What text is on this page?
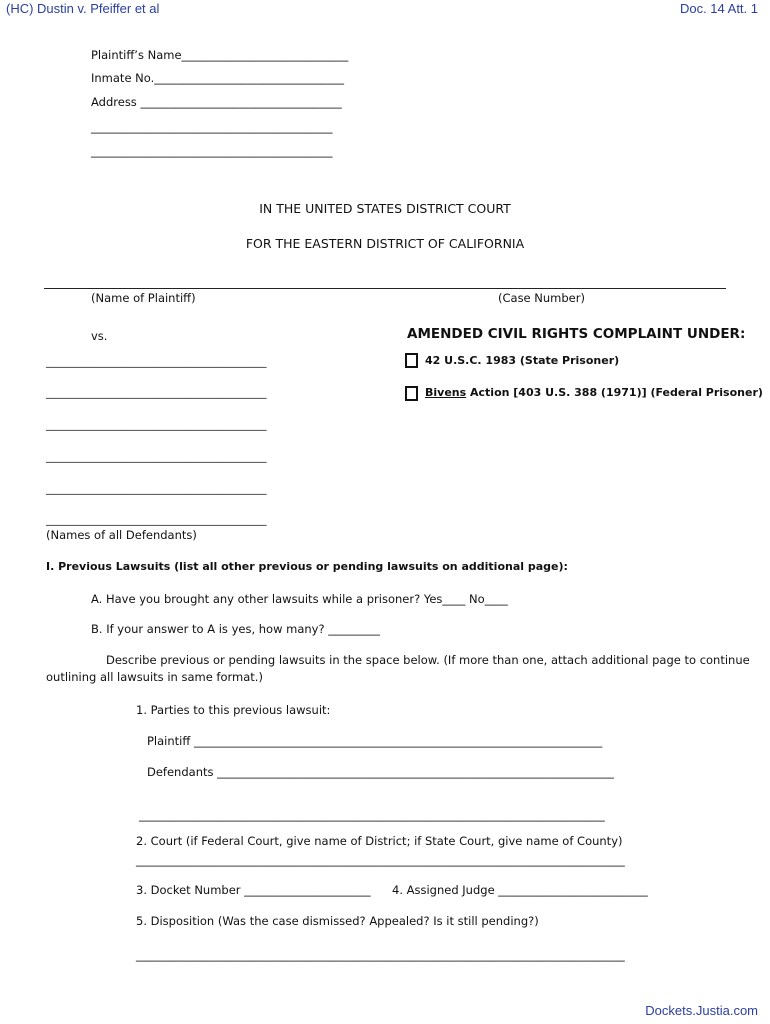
(HC) Dustin v. Pfeiffer et al	Doc. 14 Att. 1
Plaintiff’s Name_____________________________
Inmate No._________________________________
Address ___________________________________
__________________________________________
__________________________________________
IN THE UNITED STATES DISTRICT COURT
FOR THE EASTERN DISTRICT OF CALIFORNIA
(Name of Plaintiff)	(Case Number)
vs.	AMENDED CIVIL RIGHTS COMPLAINT UNDER:
42 U.S.C. 1983 (State Prisoner)
Bivens Action [403 U.S. 388 (1971)] (Federal Prisoner)
__________________________________________
__________________________________________
__________________________________________
__________________________________________
__________________________________________
__________________________________________
(Names of all Defendants)
I. Previous Lawsuits (list all other previous or pending lawsuits on additional page):
A. Have you brought any other lawsuits while a prisoner? Yes____ No____
B. If your answer to A is yes, how many? _________
Describe previous or pending lawsuits in the space below. (If more than one, attach additional page to continue
outlining all lawsuits in same format.)
1. Parties to this previous lawsuit:
Plaintiff _______________________________________________________________________
Defendants _____________________________________________________________________
_________________________________________________________________________________
2. Court (if Federal Court, give name of District; if State Court, give name of County)
_____________________________________________________________________________________
3. Docket Number ______________________ 4. Assigned Judge __________________________
5. Disposition (Was the case dismissed? Appealed? Is it still pending?)
_____________________________________________________________________________________
Dockets.Justia.com
